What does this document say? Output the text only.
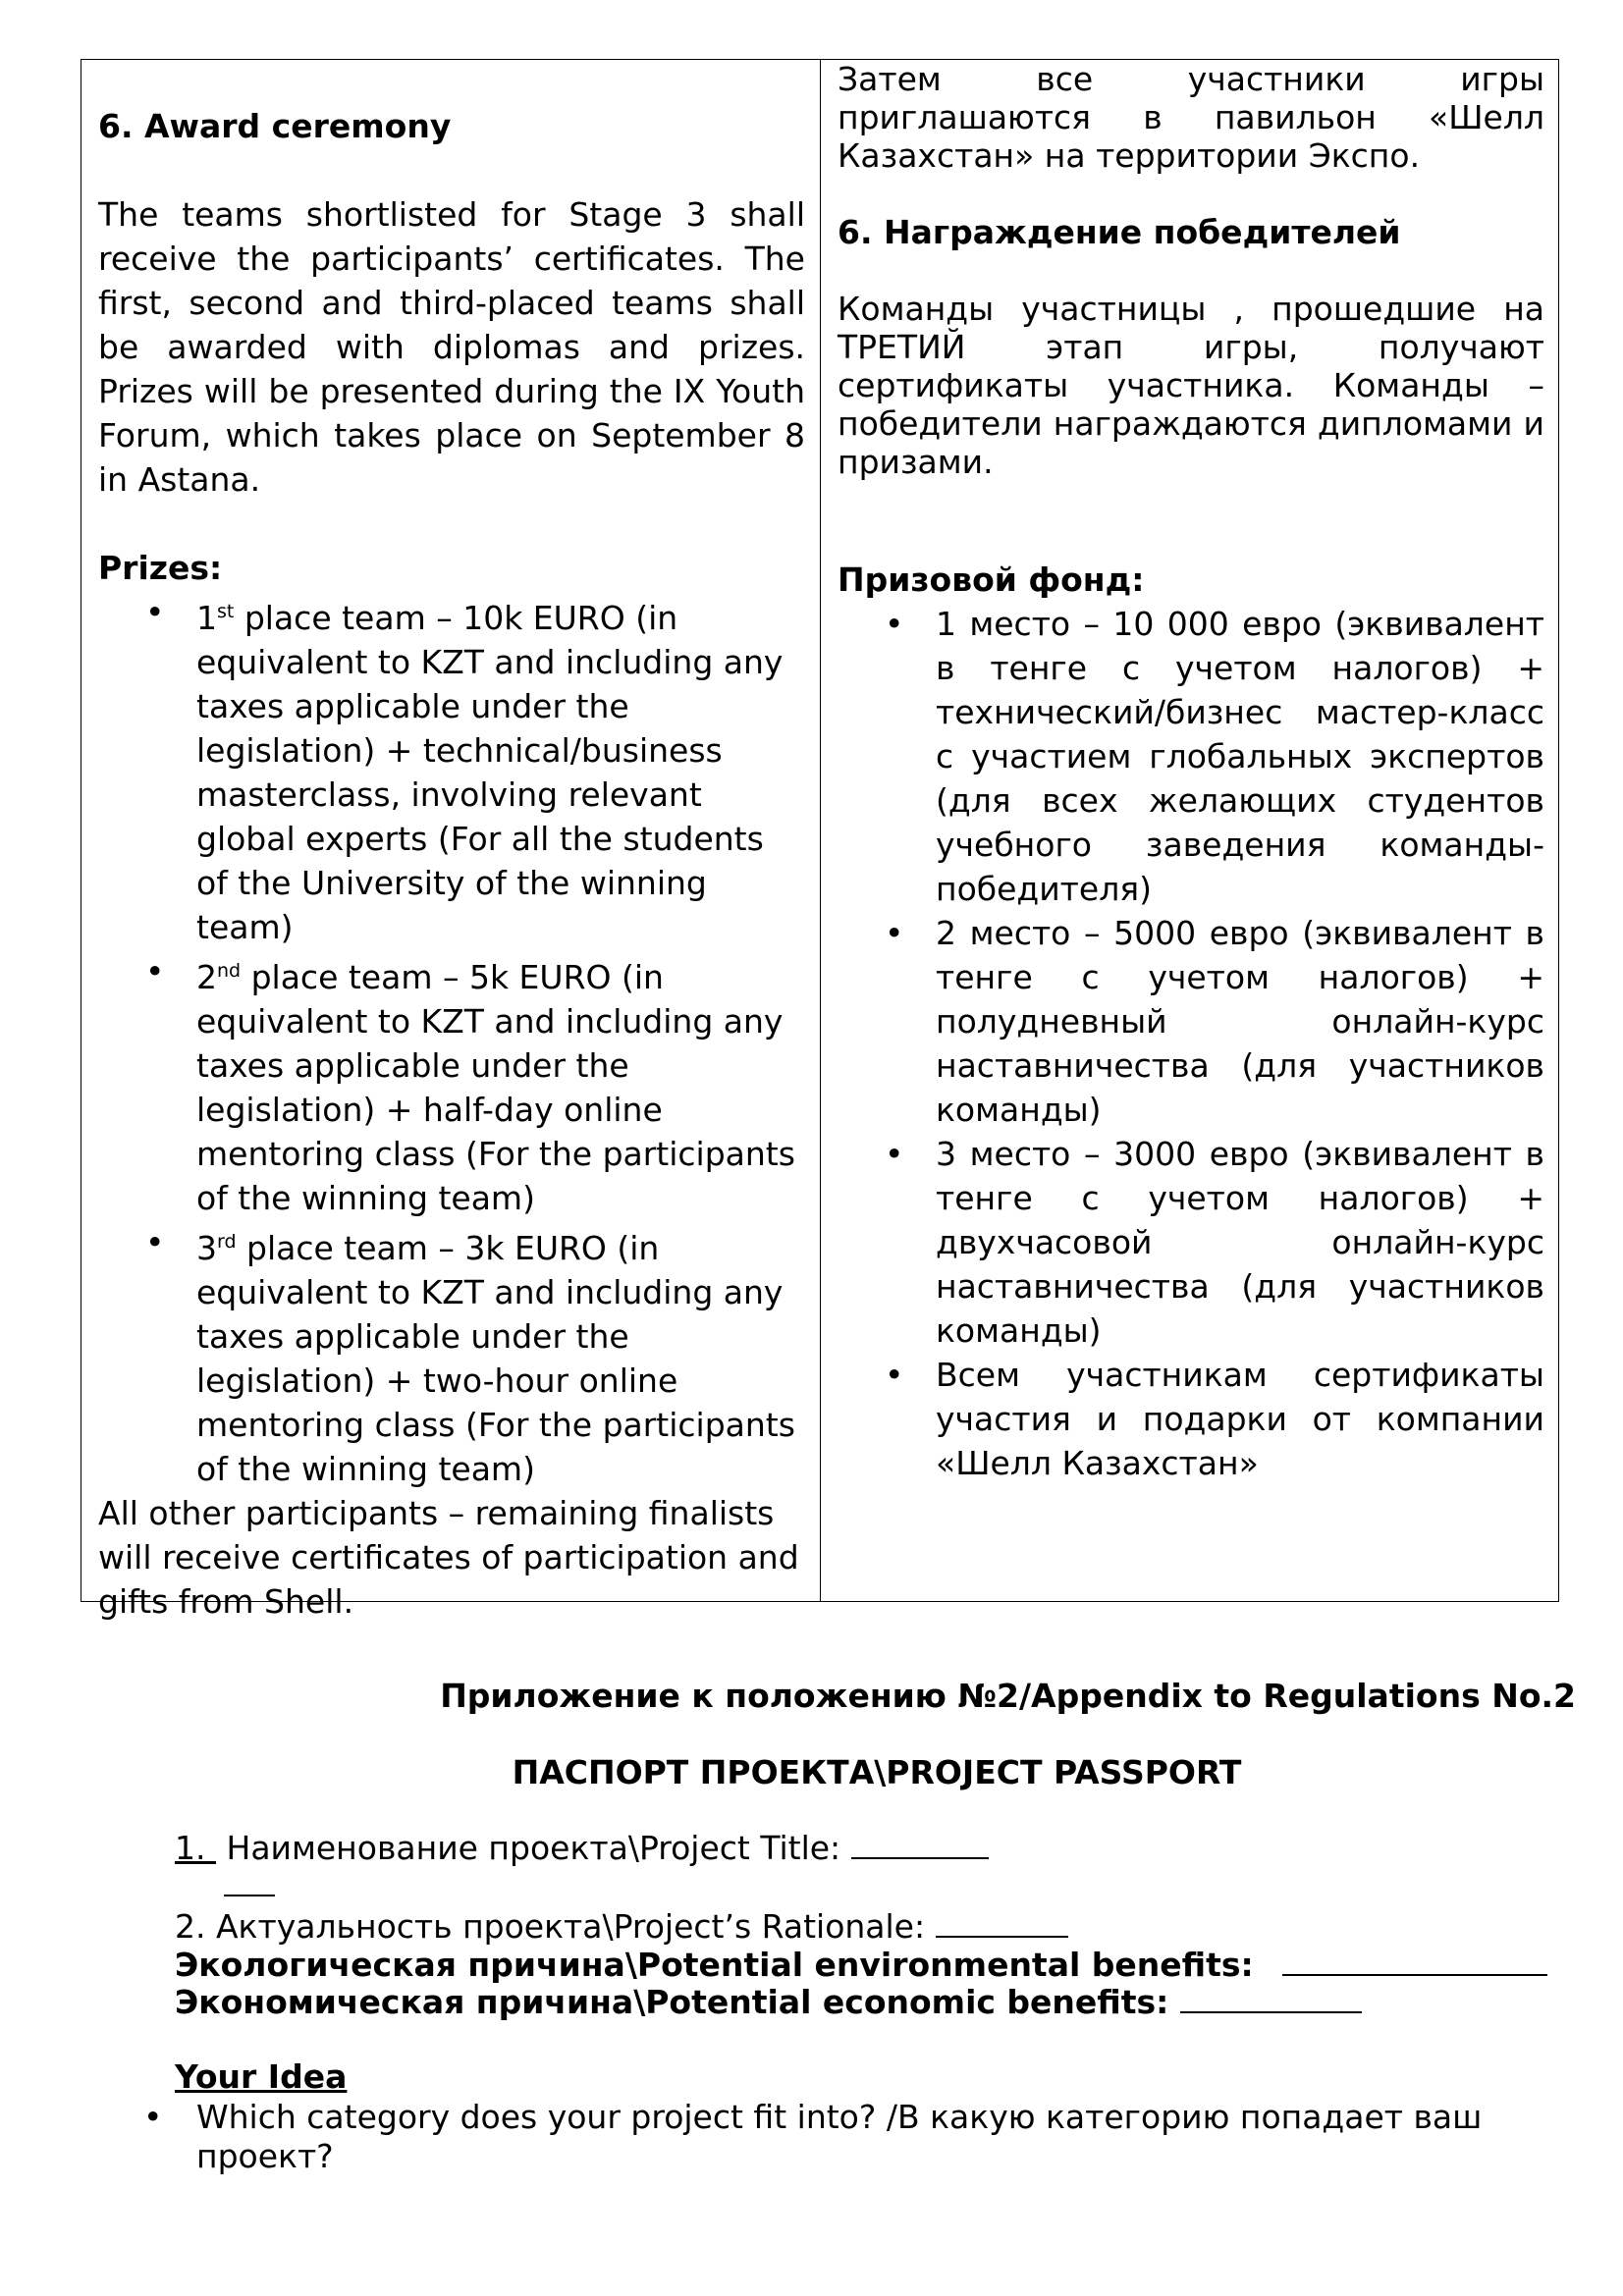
6. Award ceremony
The teams shortlisted for Stage 3 shall receive the participants’ certificates. The first, second and third-placed teams shall be awarded with diplomas and prizes. Prizes will be presented during the IX Youth Forum, which takes place on September 8 in Astana.
Prizes:
• 1st place team – 10k EURO (in equivalent to KZT and including any taxes applicable under the legislation) + technical/business masterclass, involving relevant global experts (For all the students of the University of the winning team)
• 2nd place team – 5k EURO (in equivalent to KZT and including any taxes applicable under the legislation) + half-day online mentoring class (For the participants of the winning team)
• 3rd place team – 3k EURO (in equivalent to KZT and including any taxes applicable under the legislation) + two-hour online mentoring class (For the participants of the winning team)
All other participants – remaining finalists will receive certificates of participation and gifts from Shell.
Затем все участники игры приглашаются в павильон «Шелл Казахстан» на территории Экспо.
6. Награждение победителей
Команды участницы , прошедшие на ТРЕТИЙ этап игры, получают сертификаты участника. Команды – победители награждаются дипломами и призами.
Призовой фонд:
• 1 место – 10 000 евро (эквивалент в тенге с учетом налогов) + технический/бизнес мастер-класс с участием глобальных экспертов (для всех желающих студентов учебного заведения команды-победителя)
• 2 место – 5000 евро (эквивалент в тенге с учетом налогов) + полудневный онлайн-курс наставничества (для участников команды)
• 3 место – 3000 евро (эквивалент в тенге с учетом налогов) + двухчасовой онлайн-курс наставничества (для участников команды)
• Всем участникам сертификаты участия и подарки от компании «Шелл Казахстан»
Приложение к положению №2/Appendix to Regulations No.2
ПАСПОРТ ПРОЕКТА\PROJECT PASSPORT
1. Наименование проекта\Project Title:
2. Актуальность проекта\Project’s Rationale:
Экологическая причина\Potential environmental benefits:
Экономическая причина\Potential economic benefits:
Your Idea
•	Which category does your project fit into? /В какую категорию попадает ваш проект?
